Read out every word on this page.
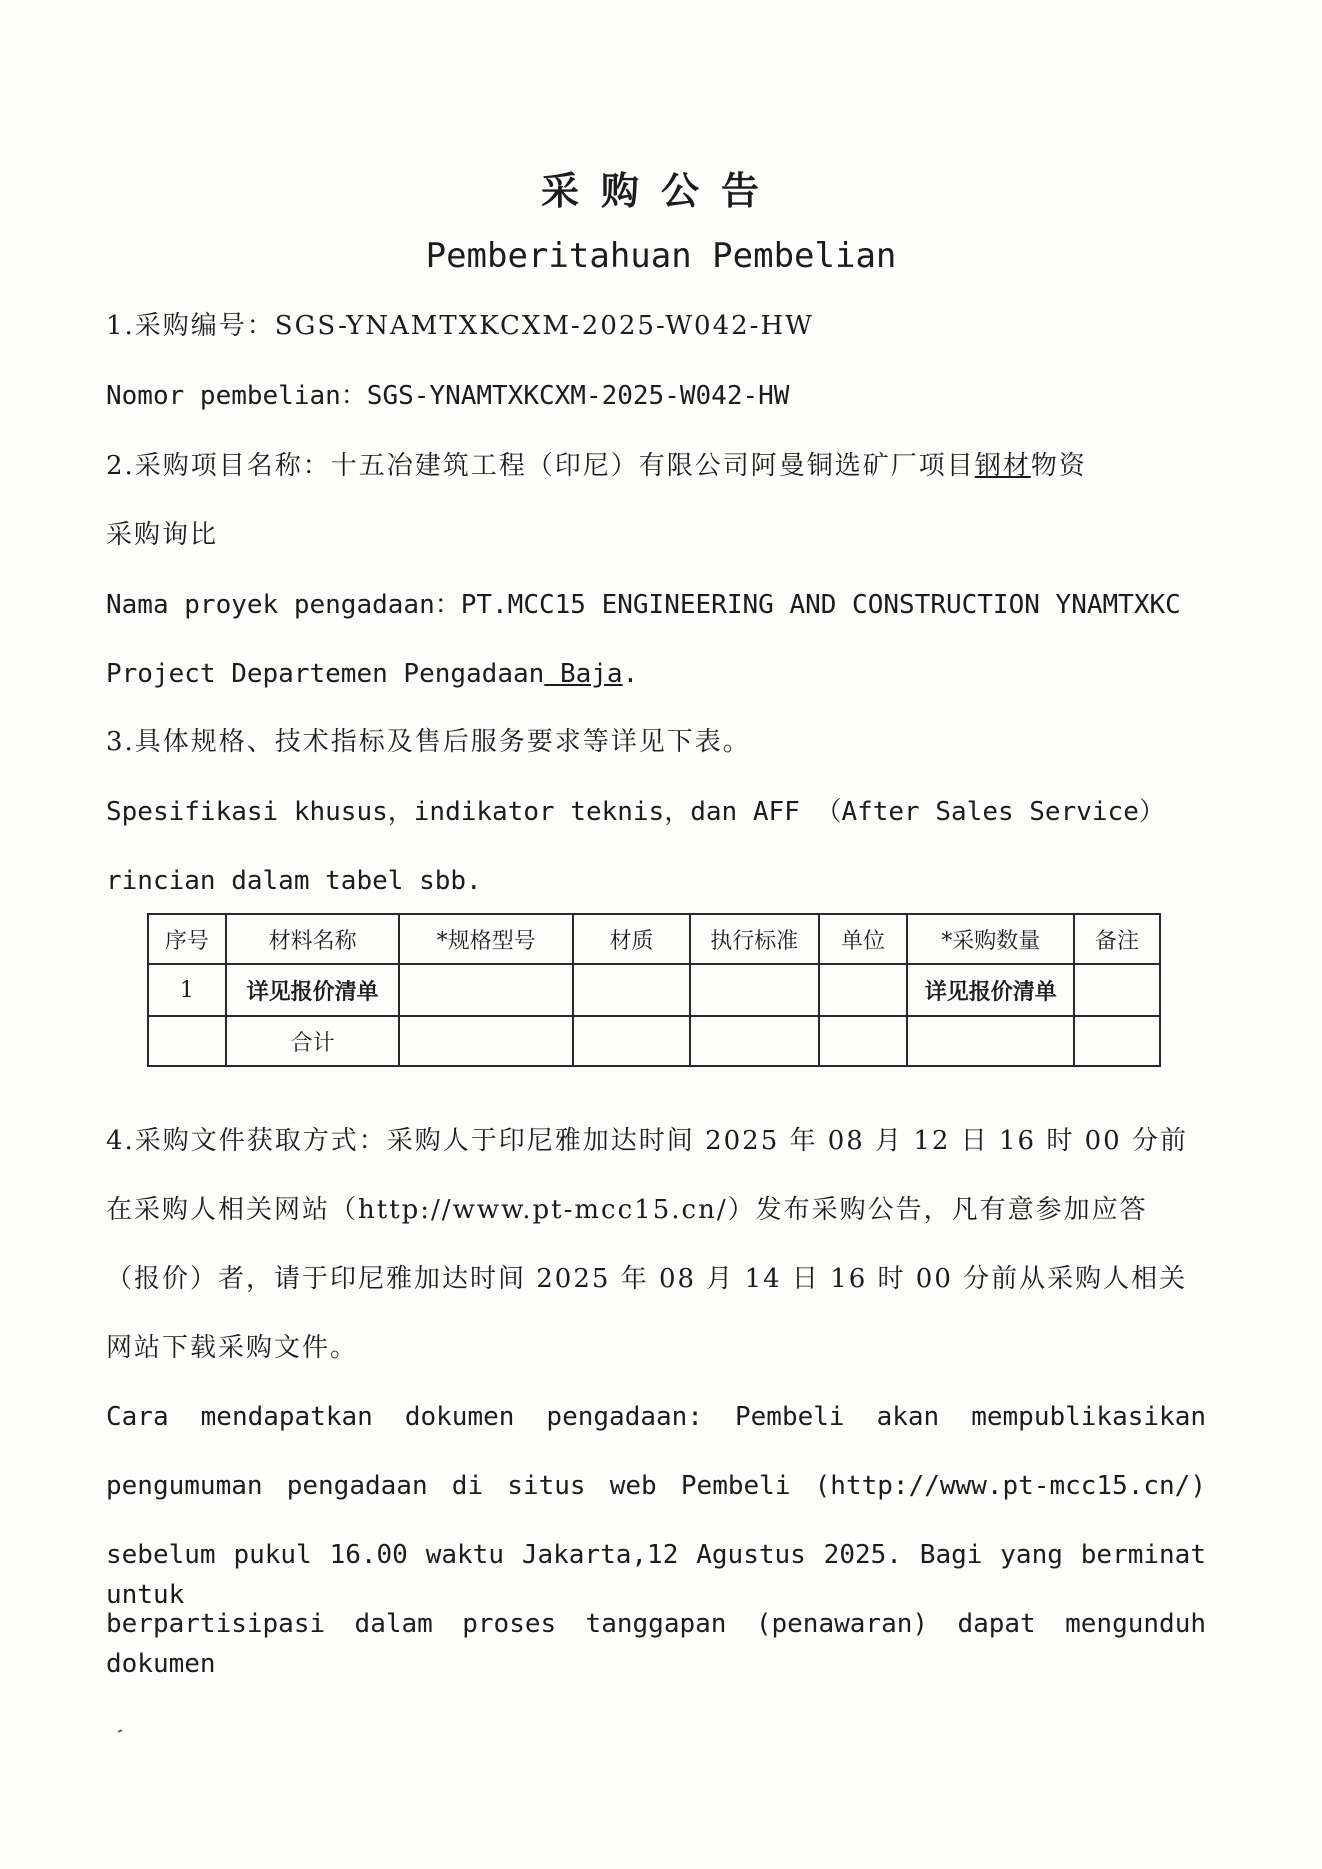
采购公告
Pemberitahuan Pembelian
1.采购编号：SGS-YNAMTXKCXM-2025-W042-HW
Nomor pembelian：SGS-YNAMTXKCXM-2025-W042-HW
2.采购项目名称：十五冶建筑工程（印尼）有限公司阿曼铜选矿厂项目钢材物资
采购询比
Nama proyek pengadaan：PT.MCC15 ENGINEERING AND CONSTRUCTION YNAMTXKC
Project Departemen Pengadaan Baja.
3.具体规格、技术指标及售后服务要求等详见下表。
Spesifikasi khusus，indikator teknis，dan AFF （After Sales Service）
rincian dalam tabel sbb.
序号	材料名称	*规格型号	材质	执行标准	单位	*采购数量	备注
1	详见报价清单					详见报价清单	
	合计						
4.采购文件获取方式：采购人于印尼雅加达时间 2025 年 08 月 12 日 16 时 00 分前
在采购人相关网站（http://www.pt-mcc15.cn/）发布采购公告，凡有意参加应答
（报价）者，请于印尼雅加达时间 2025 年 08 月 14 日 16 时 00 分前从采购人相关
网站下载采购文件。
Cara mendapatkan dokumen pengadaan: Pembeli akan mempublikasikan
pengumuman pengadaan di situs web Pembeli (http://www.pt-mcc15.cn/)
sebelum pukul 16.00 waktu Jakarta,12 Agustus 2025. Bagi yang berminat untuk
berpartisipasi dalam proses tanggapan (penawaran) dapat mengunduh dokumen
